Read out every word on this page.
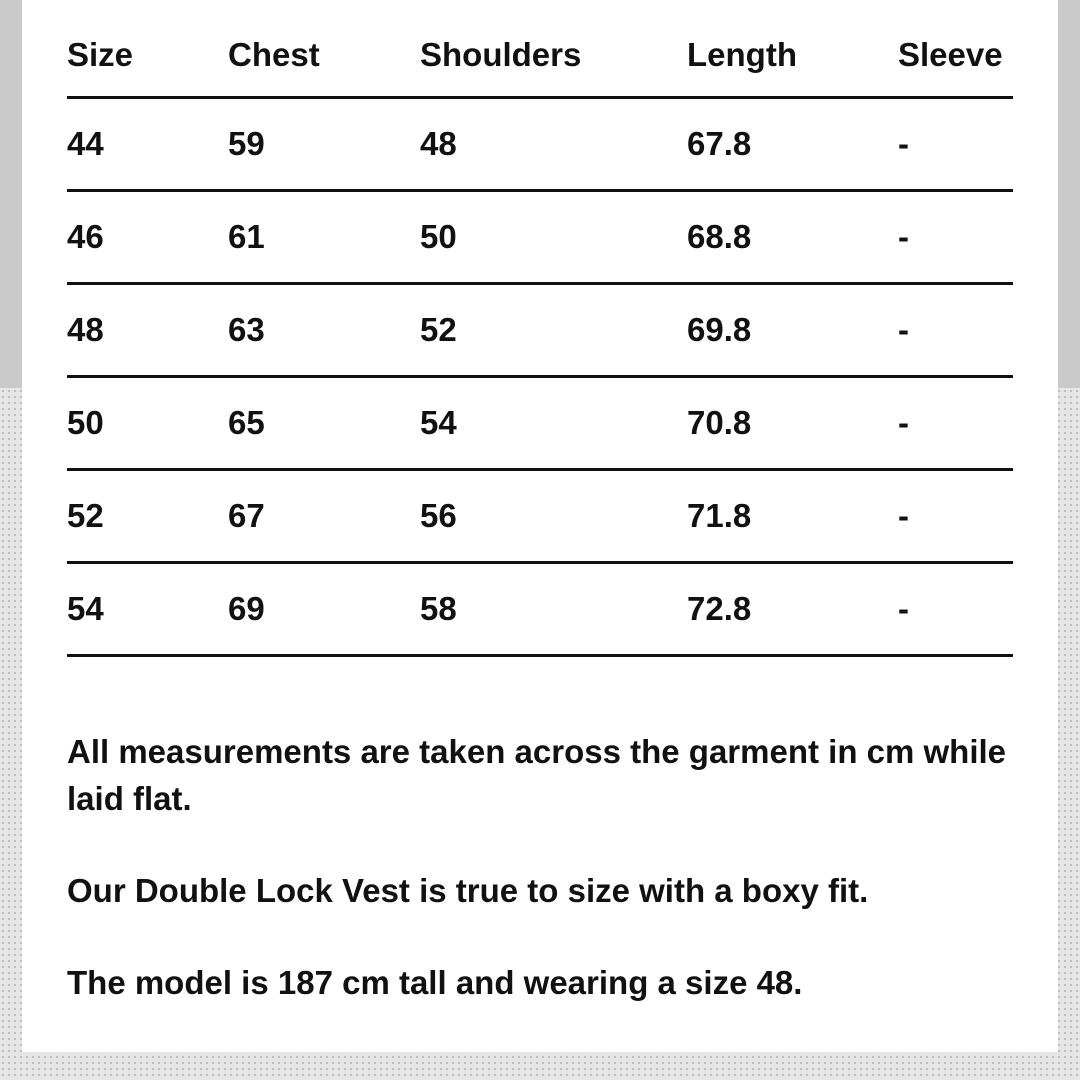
Size	Chest	Shoulders	Length	Sleeve
44	59	48	67.8	-
46	61	50	68.8	-
48	63	52	69.8	-
50	65	54	70.8	-
52	67	56	71.8	-
54	69	58	72.8	-

All measurements are taken across the garment in cm while laid flat.

Our Double Lock Vest is true to size with a boxy fit.

The model is 187 cm tall and wearing a size 48.
